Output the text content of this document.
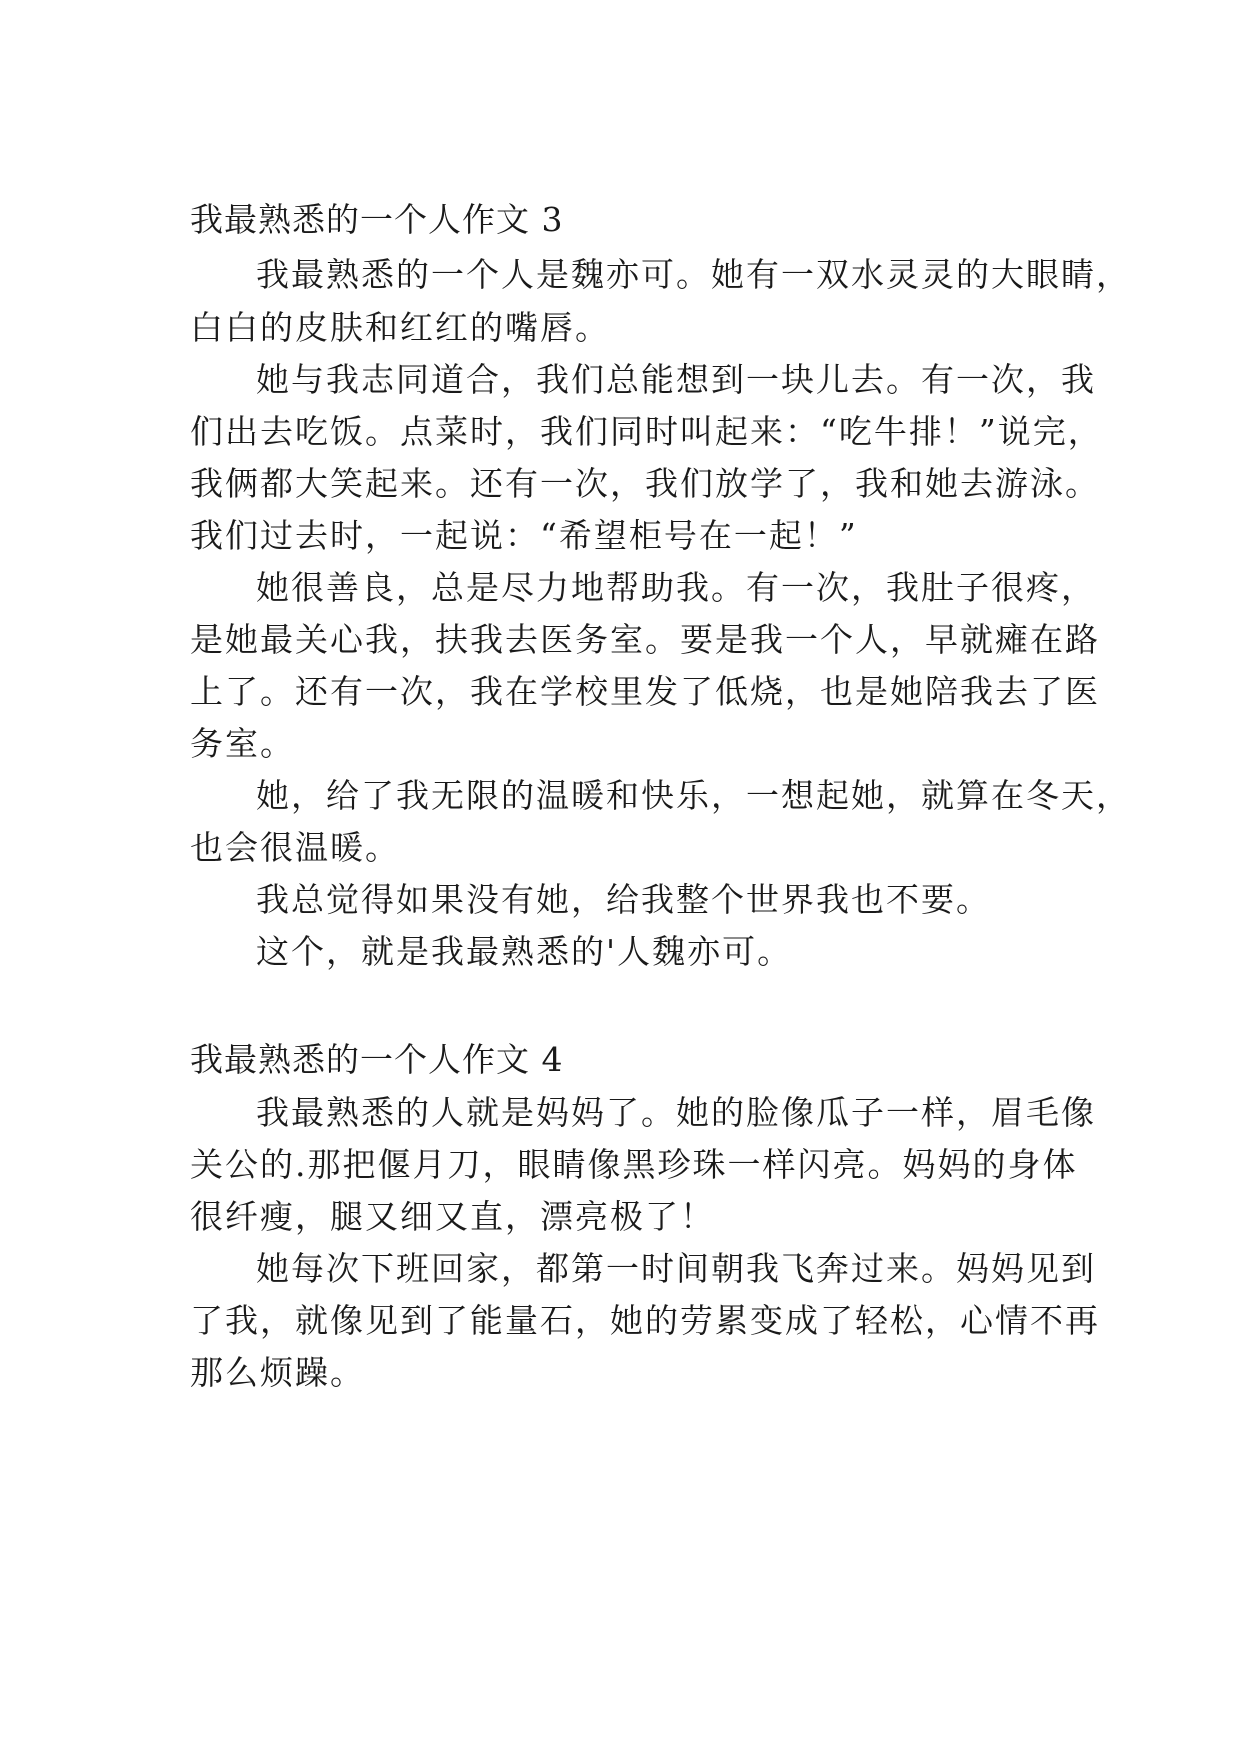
我最熟悉的一个人作文 3
我最熟悉的一个人是魏亦可。她有一双水灵灵的大眼睛，
白白的皮肤和红红的嘴唇。
她与我志同道合，我们总能想到一块儿去。有一次，我
们出去吃饭。点菜时，我们同时叫起来：“吃牛排！”说完，
我俩都大笑起来。还有一次，我们放学了，我和她去游泳。
我们过去时，一起说：“希望柜号在一起！”
她很善良，总是尽力地帮助我。有一次，我肚子很疼，
是她最关心我，扶我去医务室。要是我一个人，早就瘫在路
上了。还有一次，我在学校里发了低烧，也是她陪我去了医
务室。
她，给了我无限的温暖和快乐，一想起她，就算在冬天，
也会很温暖。
我总觉得如果没有她，给我整个世界我也不要。
这个，就是我最熟悉的'人魏亦可。
我最熟悉的一个人作文 4
我最熟悉的人就是妈妈了。她的脸像瓜子一样，眉毛像
关公的.那把偃月刀，眼睛像黑珍珠一样闪亮。妈妈的身体
很纤瘦，腿又细又直，漂亮极了！
她每次下班回家，都第一时间朝我飞奔过来。妈妈见到
了我，就像见到了能量石，她的劳累变成了轻松，心情不再
那么烦躁。
